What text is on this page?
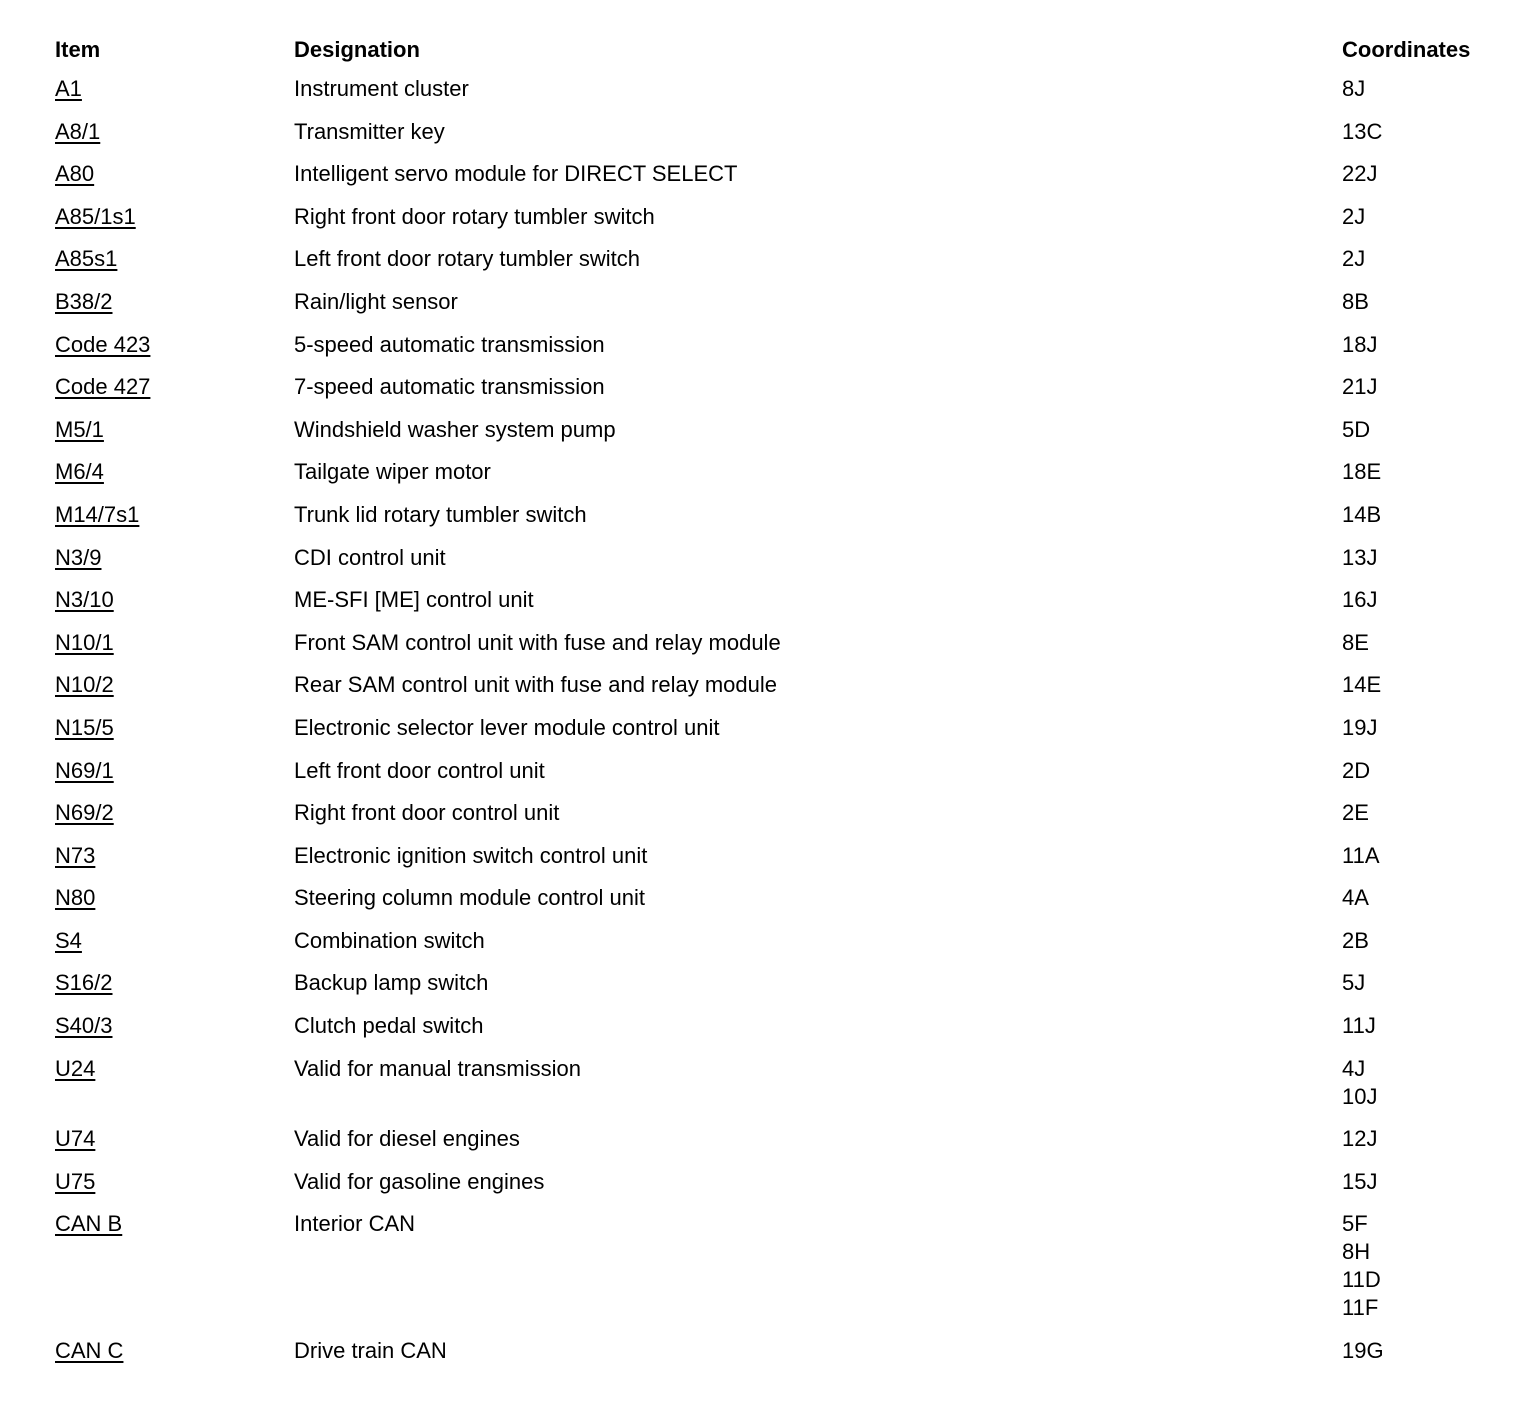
Item	Designation	Coordinates
A1	Instrument cluster	8J
A8/1	Transmitter key	13C
A80	Intelligent servo module for DIRECT SELECT	22J
A85/1s1	Right front door rotary tumbler switch	2J
A85s1	Left front door rotary tumbler switch	2J
B38/2	Rain/light sensor	8B
Code 423	5-speed automatic transmission	18J
Code 427	7-speed automatic transmission	21J
M5/1	Windshield washer system pump	5D
M6/4	Tailgate wiper motor	18E
M14/7s1	Trunk lid rotary tumbler switch	14B
N3/9	CDI control unit	13J
N3/10	ME-SFI [ME] control unit	16J
N10/1	Front SAM control unit with fuse and relay module	8E
N10/2	Rear SAM control unit with fuse and relay module	14E
N15/5	Electronic selector lever module control unit	19J
N69/1	Left front door control unit	2D
N69/2	Right front door control unit	2E
N73	Electronic ignition switch control unit	11A
N80	Steering column module control unit	4A
S4	Combination switch	2B
S16/2	Backup lamp switch	5J
S40/3	Clutch pedal switch	11J
U24	Valid for manual transmission	4J
10J
U74	Valid for diesel engines	12J
U75	Valid for gasoline engines	15J
CAN B	Interior CAN	5F
8H
11D
11F
CAN C	Drive train CAN	19G
